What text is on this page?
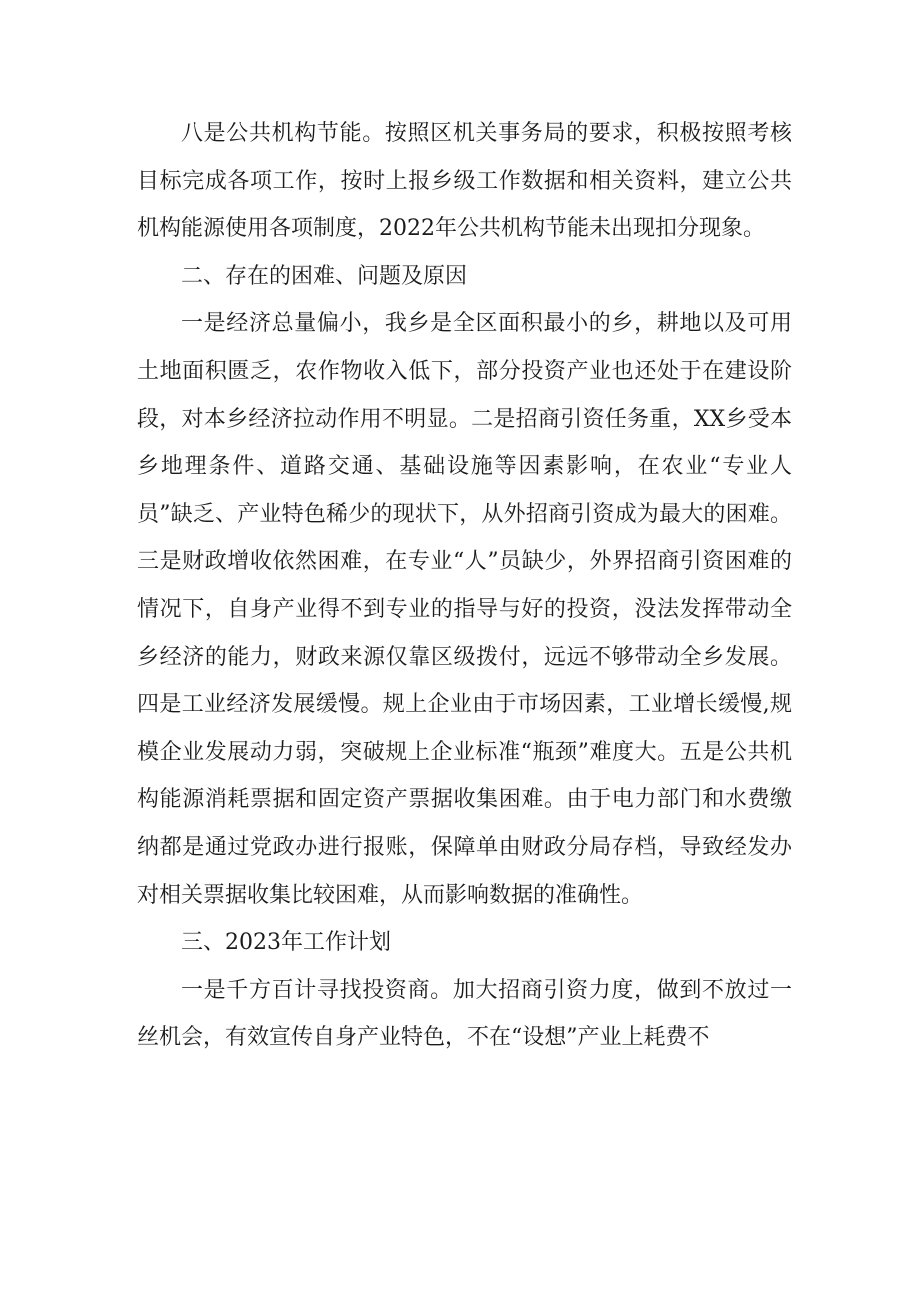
八是公共机构节能。按照区机关事务局的要求，积极按照考核目标完成各项工作，按时上报乡级工作数据和相关资料，建立公共机构能源使用各项制度，2022年公共机构节能未出现扣分现象。

二、存在的困难、问题及原因

一是经济总量偏小，我乡是全区面积最小的乡，耕地以及可用土地面积匮乏，农作物收入低下，部分投资产业也还处于在建设阶段，对本乡经济拉动作用不明显。二是招商引资任务重，XX乡受本乡地理条件、道路交通、基础设施等因素影响，在农业“专业人员”缺乏、产业特色稀少的现状下，从外招商引资成为最大的困难。三是财政增收依然困难，在专业“人”员缺少，外界招商引资困难的情况下，自身产业得不到专业的指导与好的投资，没法发挥带动全乡经济的能力，财政来源仅靠区级拨付，远远不够带动全乡发展。四是工业经济发展缓慢。规上企业由于市场因素，工业增长缓慢,规模企业发展动力弱，突破规上企业标准“瓶颈”难度大。五是公共机构能源消耗票据和固定资产票据收集困难。由于电力部门和水费缴纳都是通过党政办进行报账，保障单由财政分局存档，导致经发办对相关票据收集比较困难，从而影响数据的准确性。

三、2023年工作计划

一是千方百计寻找投资商。加大招商引资力度，做到不放过一丝机会，有效宣传自身产业特色，不在“设想”产业上耗费不
